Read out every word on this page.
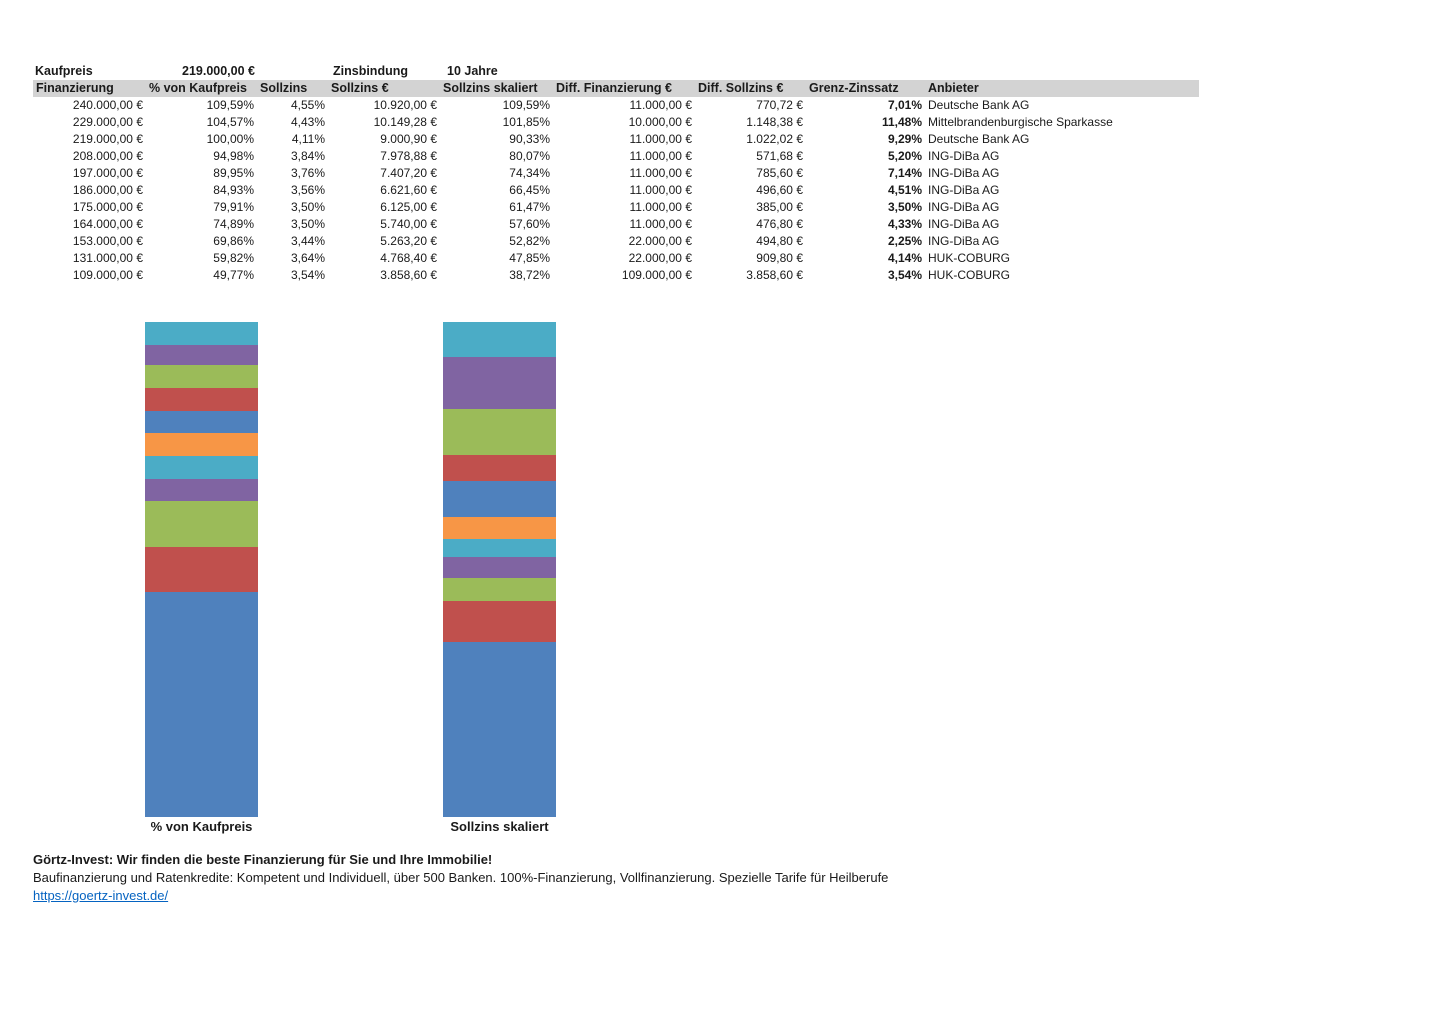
Kaufpreis	219.000,00 €	Zinsbindung	10 Jahre
Finanzierung	% von Kaufpreis	Sollzins	Sollzins €	Sollzins skaliert	Diff. Finanzierung €	Diff. Sollzins €	Grenz-Zinssatz	Anbieter
240.000,00 €	109,59%	4,55%	10.920,00 €	109,59%	11.000,00 €	770,72 €	7,01%	Deutsche Bank AG
229.000,00 €	104,57%	4,43%	10.149,28 €	101,85%	10.000,00 €	1.148,38 €	11,48%	Mittelbrandenburgische Sparkasse
219.000,00 €	100,00%	4,11%	9.000,90 €	90,33%	11.000,00 €	1.022,02 €	9,29%	Deutsche Bank AG
208.000,00 €	94,98%	3,84%	7.978,88 €	80,07%	11.000,00 €	571,68 €	5,20%	ING-DiBa AG
197.000,00 €	89,95%	3,76%	7.407,20 €	74,34%	11.000,00 €	785,60 €	7,14%	ING-DiBa AG
186.000,00 €	84,93%	3,56%	6.621,60 €	66,45%	11.000,00 €	496,60 €	4,51%	ING-DiBa AG
175.000,00 €	79,91%	3,50%	6.125,00 €	61,47%	11.000,00 €	385,00 €	3,50%	ING-DiBa AG
164.000,00 €	74,89%	3,50%	5.740,00 €	57,60%	11.000,00 €	476,80 €	4,33%	ING-DiBa AG
153.000,00 €	69,86%	3,44%	5.263,20 €	52,82%	22.000,00 €	494,80 €	2,25%	ING-DiBa AG
131.000,00 €	59,82%	3,64%	4.768,40 €	47,85%	22.000,00 €	909,80 €	4,14%	HUK-COBURG
109.000,00 €	49,77%	3,54%	3.858,60 €	38,72%	109.000,00 €	3.858,60 €	3,54%	HUK-COBURG
% von Kaufpreis	Sollzins skaliert
Görtz-Invest: Wir finden die beste Finanzierung für Sie und Ihre Immobilie!
Baufinanzierung und Ratenkredite: Kompetent und Individuell, über 500 Banken. 100%-Finanzierung, Vollfinanzierung. Spezielle Tarife für Heilberufe
https://goertz-invest.de/
